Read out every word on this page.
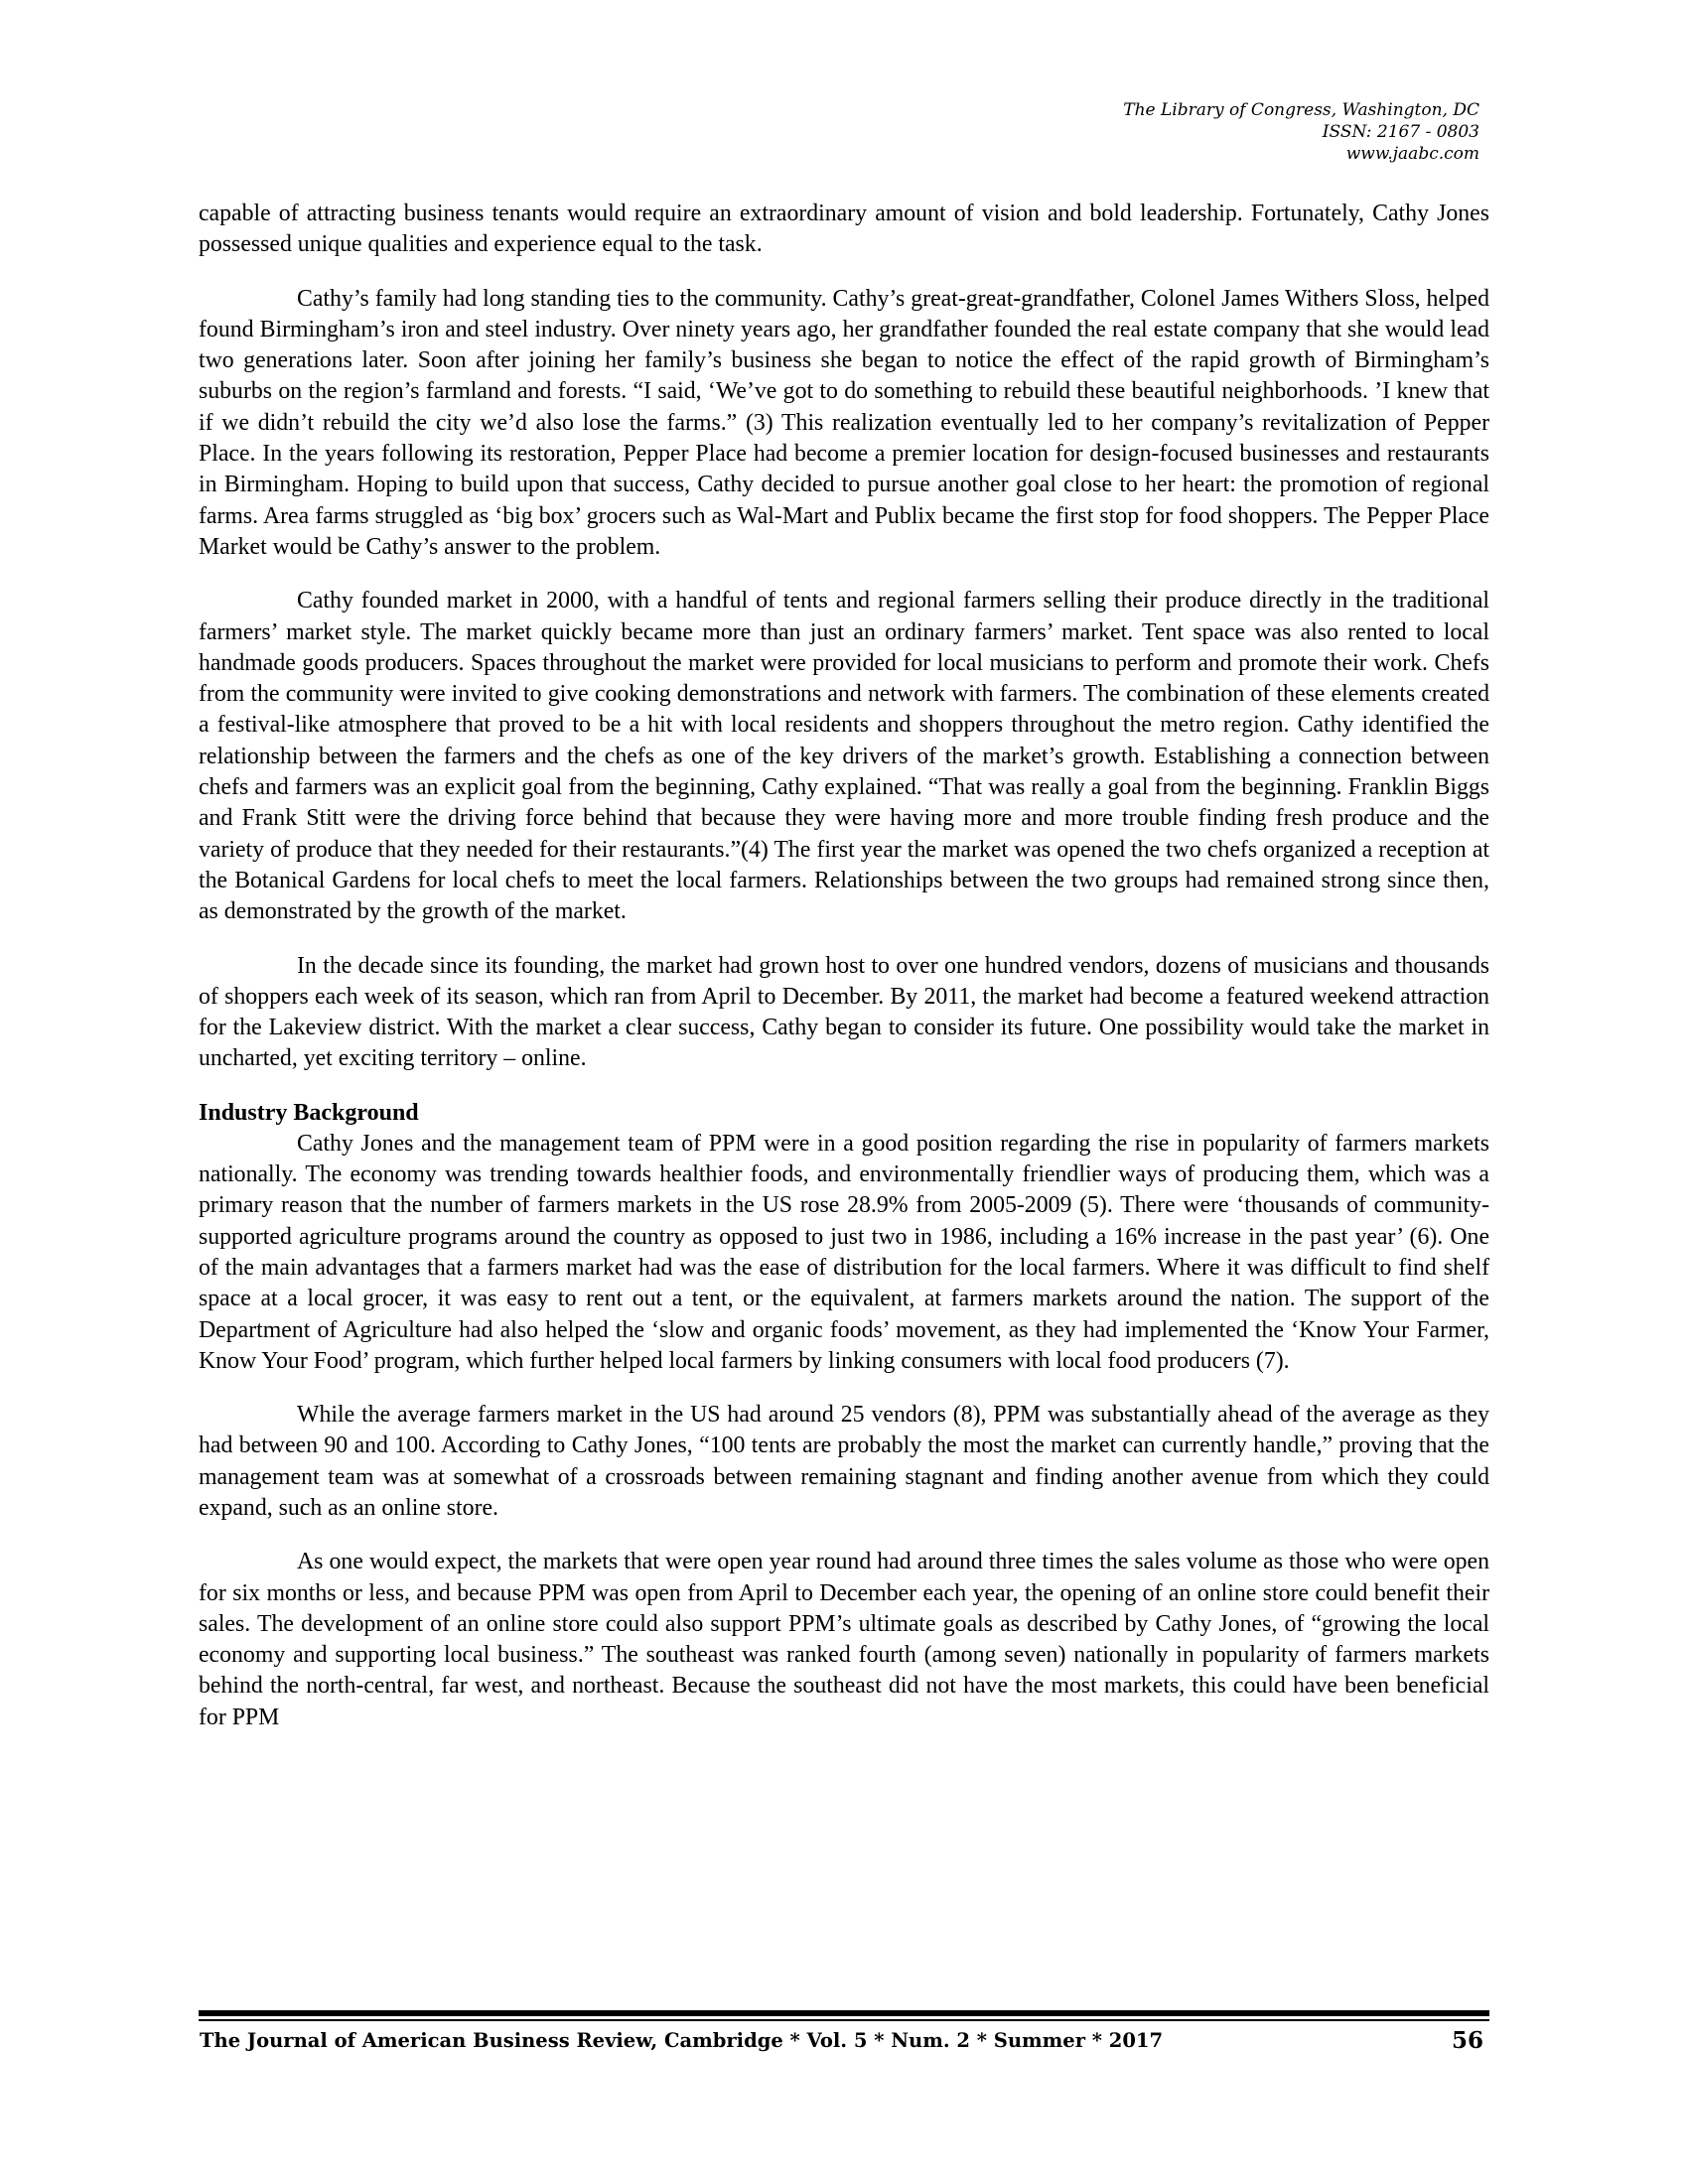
The Library of Congress, Washington, DC
ISSN: 2167 - 0803
www.jaabc.com

capable of attracting business tenants would require an extraordinary amount of vision and bold leadership. Fortunately, Cathy Jones possessed unique qualities and experience equal to the task.

Cathy’s family had long standing ties to the community. Cathy’s great-great-grandfather, Colonel James Withers Sloss, helped found Birmingham’s iron and steel industry. Over ninety years ago, her grandfather founded the real estate company that she would lead two generations later. Soon after joining her family’s business she began to notice the effect of the rapid growth of Birmingham’s suburbs on the region’s farmland and forests. “I said, ‘We’ve got to do something to rebuild these beautiful neighborhoods. ’I knew that if we didn’t rebuild the city we’d also lose the farms.” (3) This realization eventually led to her company’s revitalization of Pepper Place. In the years following its restoration, Pepper Place had become a premier location for design-focused businesses and restaurants in Birmingham. Hoping to build upon that success, Cathy decided to pursue another goal close to her heart: the promotion of regional farms. Area farms struggled as ‘big box’ grocers such as Wal-Mart and Publix became the first stop for food shoppers. The Pepper Place Market would be Cathy’s answer to the problem.

Cathy founded market in 2000, with a handful of tents and regional farmers selling their produce directly in the traditional farmers’ market style. The market quickly became more than just an ordinary farmers’ market. Tent space was also rented to local handmade goods producers. Spaces throughout the market were provided for local musicians to perform and promote their work. Chefs from the community were invited to give cooking demonstrations and network with farmers. The combination of these elements created a festival-like atmosphere that proved to be a hit with local residents and shoppers throughout the metro region. Cathy identified the relationship between the farmers and the chefs as one of the key drivers of the market’s growth. Establishing a connection between chefs and farmers was an explicit goal from the beginning, Cathy explained. “That was really a goal from the beginning. Franklin Biggs and Frank Stitt were the driving force behind that because they were having more and more trouble finding fresh produce and the variety of produce that they needed for their restaurants.”(4) The first year the market was opened the two chefs organized a reception at the Botanical Gardens for local chefs to meet the local farmers. Relationships between the two groups had remained strong since then, as demonstrated by the growth of the market.

In the decade since its founding, the market had grown host to over one hundred vendors, dozens of musicians and thousands of shoppers each week of its season, which ran from April to December. By 2011, the market had become a featured weekend attraction for the Lakeview district. With the market a clear success, Cathy began to consider its future. One possibility would take the market in uncharted, yet exciting territory – online.

Industry Background

Cathy Jones and the management team of PPM were in a good position regarding the rise in popularity of farmers markets nationally. The economy was trending towards healthier foods, and environmentally friendlier ways of producing them, which was a primary reason that the number of farmers markets in the US rose 28.9% from 2005-2009 (5). There were ‘thousands of community-supported agriculture programs around the country as opposed to just two in 1986, including a 16% increase in the past year’ (6). One of the main advantages that a farmers market had was the ease of distribution for the local farmers. Where it was difficult to find shelf space at a local grocer, it was easy to rent out a tent, or the equivalent, at farmers markets around the nation. The support of the Department of Agriculture had also helped the ‘slow and organic foods’ movement, as they had implemented the ‘Know Your Farmer, Know Your Food’ program, which further helped local farmers by linking consumers with local food producers (7).

While the average farmers market in the US had around 25 vendors (8), PPM was substantially ahead of the average as they had between 90 and 100. According to Cathy Jones, “100 tents are probably the most the market can currently handle,” proving that the management team was at somewhat of a crossroads between remaining stagnant and finding another avenue from which they could expand, such as an online store.

As one would expect, the markets that were open year round had around three times the sales volume as those who were open for six months or less, and because PPM was open from April to December each year, the opening of an online store could benefit their sales. The development of an online store could also support PPM’s ultimate goals as described by Cathy Jones, of “growing the local economy and supporting local business.” The southeast was ranked fourth (among seven) nationally in popularity of farmers markets behind the north-central, far west, and northeast. Because the southeast did not have the most markets, this could have been beneficial for PPM

The Journal of American Business Review, Cambridge * Vol. 5 * Num. 2 * Summer * 2017	56
